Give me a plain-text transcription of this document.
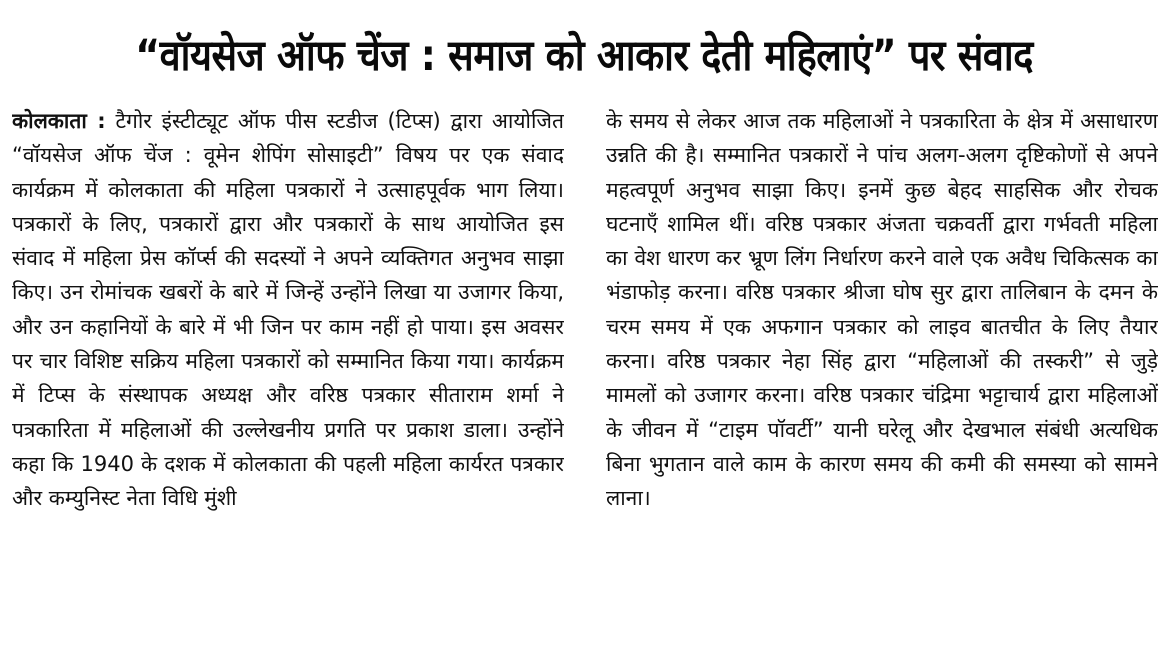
“वॉयसेज ऑफ चेंज : समाज को आकार देती महिलाएं” पर संवाद

कोलकाता : टैगोर इंस्टीट्यूट ऑफ पीस स्टडीज (टिप्स) द्वारा आयोजित “वॉयसेज ऑफ चेंज : वूमेन शेपिंग सोसाइटी” विषय पर एक संवाद कार्यक्रम में कोलकाता की महिला पत्रकारों ने उत्साहपूर्वक भाग लिया। पत्रकारों के लिए, पत्रकारों द्वारा और पत्रकारों के साथ आयोजित इस संवाद में महिला प्रेस कॉर्प्स की सदस्यों ने अपने व्यक्तिगत अनुभव साझा किए। उन रोमांचक खबरों के बारे में जिन्हें उन्होंने लिखा या उजागर किया, और उन कहानियों के बारे में भी जिन पर काम नहीं हो पाया। इस अवसर पर चार विशिष्ट सक्रिय महिला पत्रकारों को सम्मानित किया गया। कार्यक्रम में टिप्स के संस्थापक अध्यक्ष और वरिष्ठ पत्रकार सीताराम शर्मा ने पत्रकारिता में महिलाओं की उल्लेखनीय प्रगति पर प्रकाश डाला। उन्होंने कहा कि 1940 के दशक में कोलकाता की पहली महिला कार्यरत पत्रकार और कम्युनिस्ट नेता विधि मुंशी

के समय से लेकर आज तक महिलाओं ने पत्रकारिता के क्षेत्र में असाधारण उन्नति की है। सम्मानित पत्रकारों ने पांच अलग-अलग दृष्टिकोणों से अपने महत्वपूर्ण अनुभव साझा किए। इनमें कुछ बेहद साहसिक और रोचक घटनाएँ शामिल थीं। वरिष्ठ पत्रकार अंजता चक्रवर्ती द्वारा गर्भवती महिला का वेश धारण कर भ्रूण लिंग निर्धारण करने वाले एक अवैध चिकित्सक का भंडाफोड़ करना। वरिष्ठ पत्रकार श्रीजा घोष सुर द्वारा तालिबान के दमन के चरम समय में एक अफगान पत्रकार को लाइव बातचीत के लिए तैयार करना। वरिष्ठ पत्रकार नेहा सिंह द्वारा “महिलाओं की तस्करी” से जुड़े मामलों को उजागर करना। वरिष्ठ पत्रकार चंद्रिमा भट्टाचार्य द्वारा महिलाओं के जीवन में “टाइम पॉवर्टी” यानी घरेलू और देखभाल संबंधी अत्यधिक बिना भुगतान वाले काम के कारण समय की कमी की समस्या को सामने लाना।
